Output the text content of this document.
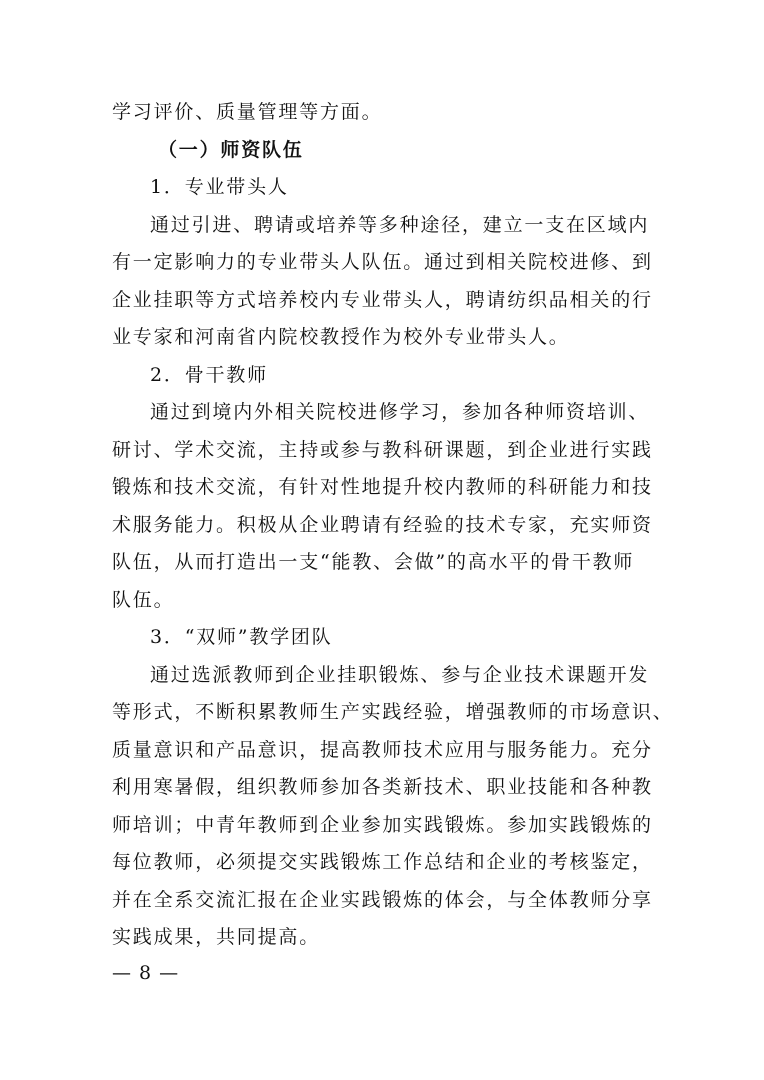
学习评价、质量管理等方面。
（一）师资队伍
1．专业带头人
通过引进、聘请或培养等多种途径，建立一支在区域内
有一定影响力的专业带头人队伍。通过到相关院校进修、到
企业挂职等方式培养校内专业带头人，聘请纺织品相关的行
业专家和河南省内院校教授作为校外专业带头人。
2．骨干教师
通过到境内外相关院校进修学习，参加各种师资培训、
研讨、学术交流，主持或参与教科研课题，到企业进行实践
锻炼和技术交流，有针对性地提升校内教师的科研能力和技
术服务能力。积极从企业聘请有经验的技术专家，充实师资
队伍，从而打造出一支“能教、会做”的高水平的骨干教师
队伍。
3．“双师”教学团队
通过选派教师到企业挂职锻炼、参与企业技术课题开发
等形式，不断积累教师生产实践经验，增强教师的市场意识、
质量意识和产品意识，提高教师技术应用与服务能力。充分
利用寒暑假，组织教师参加各类新技术、职业技能和各种教
师培训；中青年教师到企业参加实践锻炼。参加实践锻炼的
每位教师，必须提交实践锻炼工作总结和企业的考核鉴定，
并在全系交流汇报在企业实践锻炼的体会，与全体教师分享
实践成果，共同提高。
— 8 —
